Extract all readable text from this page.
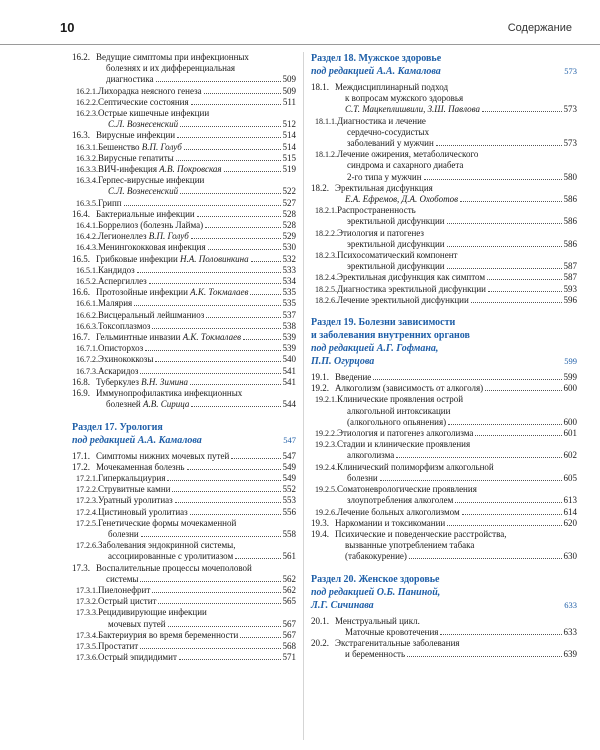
10	Содержание
16.2. Ведущие симптомы при инфекционных
болезнях и их дифференциальная
диагностика	509
16.2.1. Лихорадка неясного генеза	509
16.2.2. Септические состояния	511
16.2.3. Острые кишечные инфекции
С.Л. Вознесенский	512
16.3. Вирусные инфекции	514
16.3.1. Бешенство
В.П. Голуб	514
16.3.2. Вирусные гепатиты	515
16.3.3. ВИЧ-инфекция
А.В. Покровская	519
16.3.4. Герпес-вирусные инфекции
С.Л. Вознесенский	522
16.3.5. Грипп	527
16.4. Бактериальные инфекции	528
16.4.1. Боррелиоз (болезнь Лайма)	528
16.4.2. Легионеллез
В.П. Голуб	529
16.4.3. Менингококковая инфекция	530
16.5. Грибковые инфекции
Н.А. Половинкина	532
16.5.1. Кандидоз	533
16.5.2. Аспергиллез	534
16.6. Протозойные инфекции
А.К. Токмалаев	535
16.6.1. Малярия	535
16.6.2. Висцеральный лейшманиоз	537
16.6.3. Токсоплазмоз	538
16.7. Гельминтные инвазии
А.К. Токмалаев	539
16.7.1. Описторхоз	539
16.7.2. Эхинококкозы	540
16.7.3. Аскаридоз	541
16.8. Туберкулез
В.Н. Зимина	541
16.9. Иммунопрофилактика инфекционных
болезней
А.В. Сирица	544
Раздел 17. Урология
под редакцией А.А. Камалова	547
17.1. Симптомы нижних мочевых путей	547
17.2. Мочекаменная болезнь	549
17.2.1. Гиперкальциурия	549
17.2.2. Струвитные камни	552
17.2.3. Уратный уролитиаз	553
17.2.4. Цистиновый уролитиаз	556
17.2.5. Генетические формы мочекаменной
болезни	558
17.2.6. Заболевания эндокринной системы,
ассоциированные с уролитиазом	561
17.3. Воспалительные процессы мочеполовой
системы	562
17.3.1. Пиелонефрит	562
17.3.2. Острый цистит	565
17.3.3. Рецидивирующие инфекции
мочевых путей	567
17.3.4. Бактериурия во время беременности	567
17.3.5. Простатит	568
17.3.6. Острый эпидидимит	571
Раздел 18. Мужское здоровье
под редакцией А.А. Камалова	573
18.1. Междисциплинарный подход
к вопросам мужского здоровья
С.Т. Мацкеплишвили, З.Ш. Павлова	573
18.1.1. Диагностика и лечение
сердечно-сосудистых
заболеваний у мужчин	573
18.1.2. Лечение ожирения, метаболического
синдрома и сахарного диабета
2-го типа у мужчин	580
18.2. Эректильная дисфункция
Е.А. Ефремов, Д.А. Охоботов	586
18.2.1. Распространенность
эректильной дисфункции	586
18.2.2. Этиология и патогенез
эректильной дисфункции	586
18.2.3. Психосоматический компонент
эректильной дисфункции	587
18.2.4. Эректильная дисфункция как симптом	587
18.2.5. Диагностика эректильной дисфункции	593
18.2.6. Лечение эректильной дисфункции	596
Раздел 19. Болезни зависимости
и заболевания внутренних органов
под редакцией А.Г. Гофмана,
П.П. Огурцова	599
19.1. Введение	599
19.2. Алкоголизм (зависимость от алкоголя)	600
19.2.1. Клинические проявления острой
алкогольной интоксикации
(алкогольного опьянения)	600
19.2.2. Этиология и патогенез алкоголизма	601
19.2.3. Стадии и клинические проявления
алкоголизма	602
19.2.4. Клинический полиморфизм алкогольной
болезни	605
19.2.5. Соматоневрологические проявления
злоупотребления алкоголем	613
19.2.6. Лечение больных алкоголизмом	614
19.3. Наркомании и токсикомании	620
19.4. Психические и поведенческие расстройства,
вызванные употреблением табака
(табакокурение)	630
Раздел 20. Женское здоровье
под редакцией О.Б. Паниной,
Л.Г. Сичинава	633
20.1. Менструальный цикл.
Маточные кровотечения	633
20.2. Экстрагенитальные заболевания
и беременность	639
